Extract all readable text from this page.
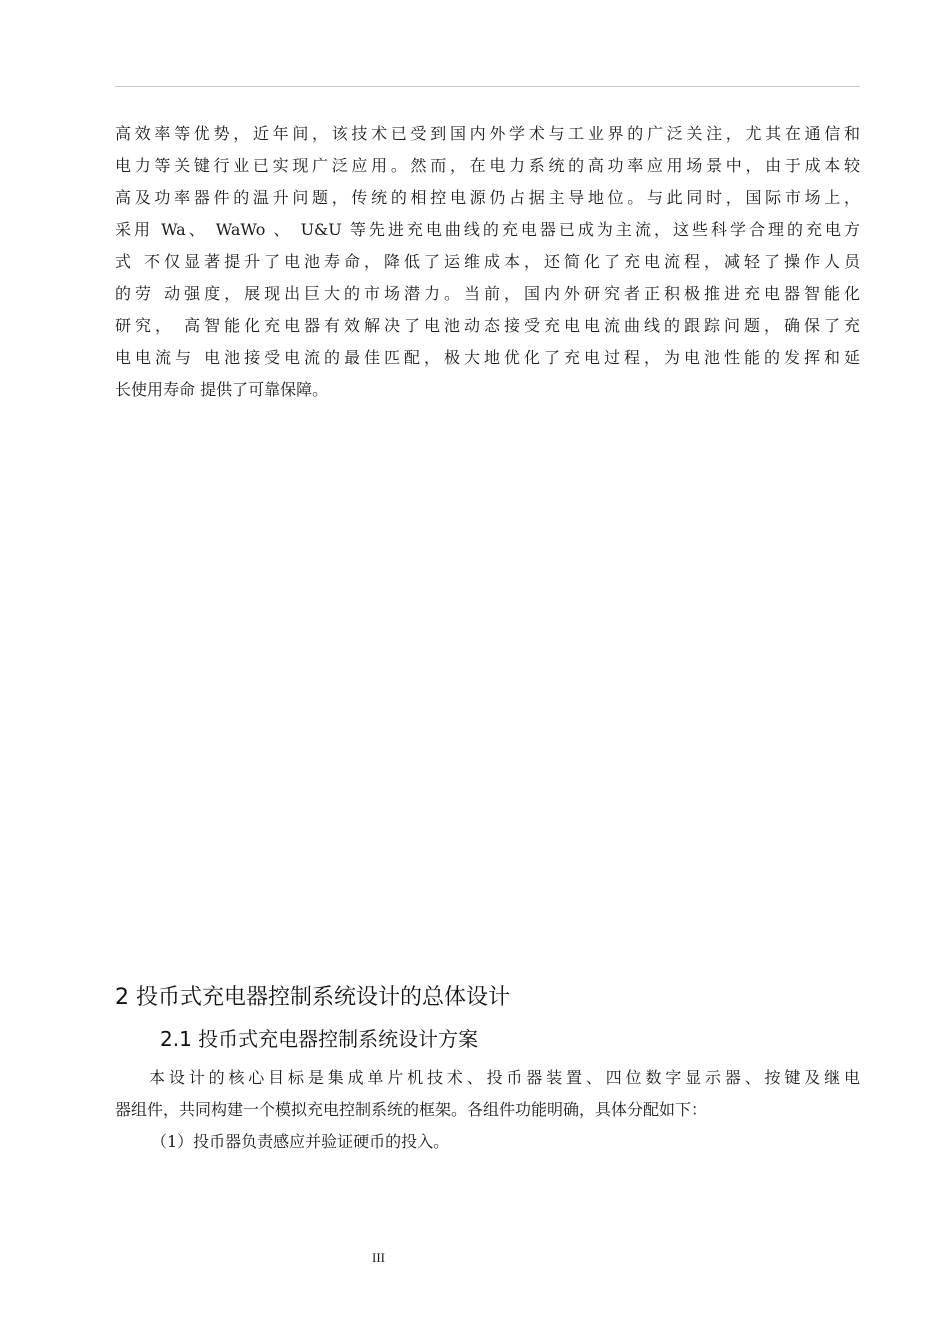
高效率等优势，近年间，该技术已受到国内外学术与工业界的广泛关注，尤其在通信和
电力等关键行业已实现广泛应用。然而，在电力系统的高功率应用场景中，由于成本较
高及功率器件的温升问题，传统的相控电源仍占据主导地位。与此同时，国际市场上，
采用 Wa、 WaWo 、 U&U 等先进充电曲线的充电器已成为主流，这些科学合理的充电方
式 不仅显著提升了电池寿命，降低了运维成本，还简化了充电流程，减轻了操作人员
的劳 动强度，展现出巨大的市场潜力。当前，国内外研究者正积极推进充电器智能化
研究， 高智能化充电器有效解决了电池动态接受充电电流曲线的跟踪问题，确保了充
电电流与 电池接受电流的最佳匹配，极大地优化了充电过程，为电池性能的发挥和延
长使用寿命 提供了可靠保障。
2 投币式充电器控制系统设计的总体设计
2.1 投币式充电器控制系统设计方案
本设计的核心目标是集成单片机技术、投币器装置、四位数字显示器、按键及继电
器组件，共同构建一个模拟充电控制系统的框架。各组件功能明确，具体分配如下：
（1）投币器负责感应并验证硬币的投入。
III
